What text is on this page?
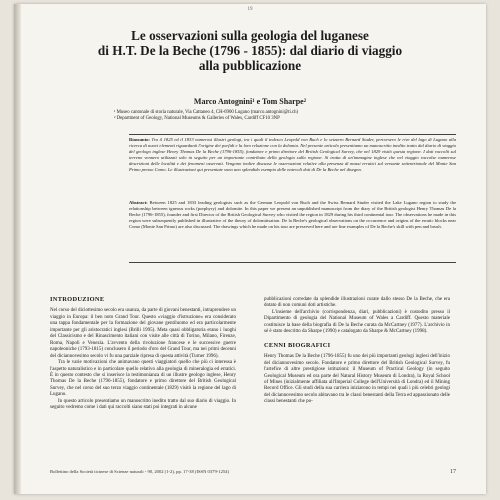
19
Le osservazioni sulla geologia del luganese
di H.T. De la Beche (1796 - 1855): dal diario di viaggio
alla pubblicazione

Marco Antognini¹ e Tom Sharpe²

¹ Museo cantonale di storia naturale, Via Cattaneo 4, CH-6900 Lugano (marco.antognini@ti.ch)
² Department of Geology, National Museums & Galleries of Wales, Cardiff CF10 3NP

Riassunto: Tra il 1825 ed il 1833 numerosi illustri geologi, tra i quali il tedesco Leopold von Buch e lo svizzero Bernard Studer, percorsero le rive del lago di Lugano alla ricerca di nuovi elementi riguardanti l'origine dei porfidi e la loro relazione con la dolomia. Nel presente articolo presentiamo un manoscritto inedito tratto dal diario di viaggio del geologo inglese Henry Thomas De la Beche (1796-1855), fondatore e primo direttore del British Geological Survey, che nel 1829 visitò questa regione. I dati raccolti sul terreno vennero utilizzati solo in seguito per un importante contributo della geologia sulla regione. Si tratta di un'immagine inglese che nel viaggio raccolse numerose descrizioni delle località e dei fenomeni osservati. Vengono inoltre discusse le osservazioni relative alla presenza di massi erratici sul versante settentrionale del Monte San Primo presso Como. Le illustrazioni qui presentate sono uno splendido esempio delle notevoli doti di De la Beche nel disegno.

Abstract: Between 1825 and 1833 leading geologists such as the German Leopold von Buch and the Swiss Bernard Studer visited the Lake Lugano region to study the relationship between igneous rocks (porphyry) and dolomite. In this paper we present an unpublished manuscript from the diary of the British geologist Henry Thomas De la Beche (1796-1855), founder and first Director of the British Geological Survey who visited the region in 1829 during his third continental tour. The observations he made in this region were subsequently published in illustrative of the theory of dolomitisation. De la Beche's geological observations on the occurrence and origins of the erratic blocks near Como (Monte San Primo) are also discussed. The drawings which he made on his tour are preserved here and are fine examples of De la Beche's skill with pen and brush.

INTRODUZIONE

Nel corso del diciottesimo secolo era usanza, da parte di giovani benestanti, intraprendere un viaggio in Europa: il ben noto Grand Tour. Questo «viaggio d'istruzione» era considerato una tappa fondamentale per la formazione del giovane gentiluomo ed era particolarmente importante per gli aristocratici inglesi (Brilli 1995). Meta quasi obbligatoria erano i luoghi del Classicismo e del Rinascimento italiani con visite alle città di Torino, Milano, Firenze, Roma, Napoli e Venezia. L'avvento della rivoluzione francese e le successive guerre napoleoniche (1793-1815) conclusero il periodo d'oro del Grand Tour, ma nei primi decenni del diciannovesimo secolo vi fu una parziale ripresa di questa attività (Turner 1996).

Tra le varie motivazioni che animavano questi viaggiatori quello che più ci interessa è l'aspetto naturalistico e in particolare quello relativo alla geologia di mineralogia ed erratici. È in questo contesto che si inserisce la testimonianza di un illustre geologo inglese, Henry Thomas De la Beche (1796-1855), fondatore e primo direttore del British Geological Survey, che nel corso del suo terzo viaggio continentale (1829) visitò la regione del lago di Lugano.

In questo articolo presentiamo un manoscritto inedito tratto dal suo diario di viaggio. In seguito vedremo come i dati qui raccolti siano stati poi integrati in alcune

pubblicazioni corredate da splendide illustrazioni curate dallo stesso De la Beche, che era dotato di non comuni doti artistiche.

L'insieme dell'archivio (corrispondenza, diari, pubblicazioni) è custodito presso il Dipartimento di geologia del National Museum of Wales a Cardiff. Questo materiale costituisce la base della biografia di De la Beche curata da McCartney (1977). L'archivio in sé è stato descritto da Sharpe (1990) e catalogato da Sharpe & McCartney (1998).

CENNI BIOGRAFICI

Henry Thomas De la Beche (1796-1855) fu uno dei più importanti geologi inglesi dell'inizio del diciannovesimo secolo. Fondatore e primo direttore del British Geological Survey, fu l'artefice di altre prestigiose istituzioni: il Museum of Practical Geology (in seguito Geological Museum ed ora parte del Natural History Museum di Londra), la Royal School of Mines (inizialmente affiliata all'Imperial College dell'Università di Londra) ed il Mining Record Office. Gli studi della sua carriera iniziarono in tempi nei quali i più celebri geologi del diciannovesimo secolo abitavano tra le classi benestanti della Terra ed appassionato delle classi benestanti che po-

Bollettino della Società ticinese di Scienze naturali - 90, 2002 (1-2), pp. 17-38 (ISSN 0379-1254)	17
